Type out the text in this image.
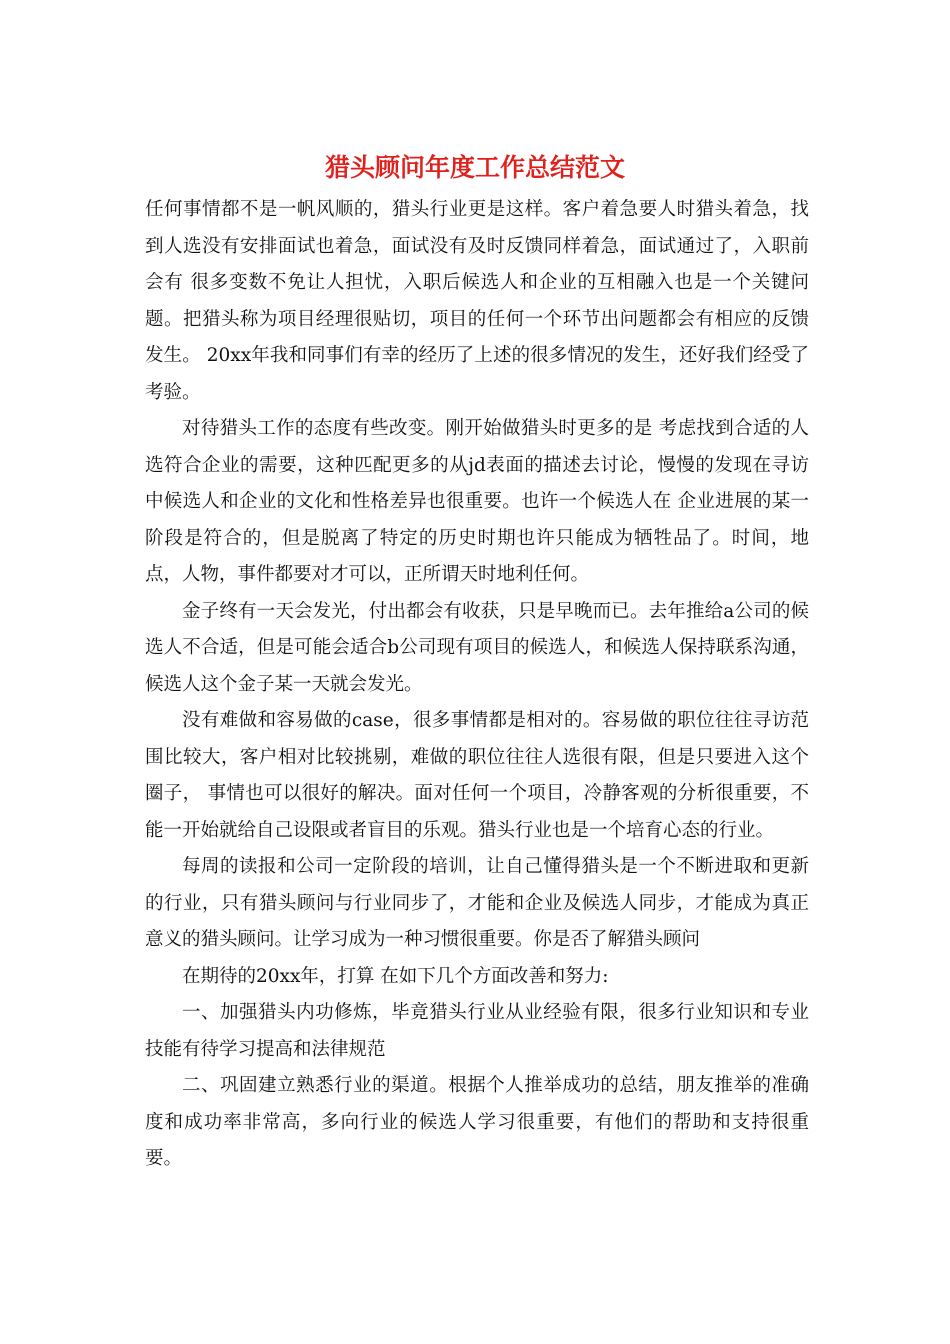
猎头顾问年度工作总结范文

任何事情都不是一帆风顺的，猎头行业更是这样。客户着急要人时猎头着急，找到人选没有安排面试也着急，面试没有及时反馈同样着急，面试通过了，入职前会有 很多变数不免让人担忧，入职后候选人和企业的互相融入也是一个关键问题。把猎头称为项目经理很贴切，项目的任何一个环节出问题都会有相应的反馈发生。 20xx年我和同事们有幸的经历了上述的很多情况的发生，还好我们经受了考验。

对待猎头工作的态度有些改变。刚开始做猎头时更多的是 考虑找到合适的人选符合企业的需要，这种匹配更多的从jd表面的描述去讨论，慢慢的发现在寻访中候选人和企业的文化和性格差异也很重要。也许一个候选人在 企业进展的某一阶段是符合的，但是脱离了特定的历史时期也许只能成为牺牲品了。时间，地点，人物，事件都要对才可以，正所谓天时地利任何。

金子终有一天会发光，付出都会有收获，只是早晚而已。去年推给a公司的候选人不合适，但是可能会适合b公司现有项目的候选人，和候选人保持联系沟通，候选人这个金子某一天就会发光。

没有难做和容易做的case，很多事情都是相对的。容易做的职位往往寻访范围比较大，客户相对比较挑剔，难做的职位往往人选很有限，但是只要进入这个圈子， 事情也可以很好的解决。面对任何一个项目，冷静客观的分析很重要，不能一开始就给自己设限或者盲目的乐观。猎头行业也是一个培育心态的行业。

每周的读报和公司一定阶段的培训，让自己懂得猎头是一个不断进取和更新的行业，只有猎头顾问与行业同步了，才能和企业及候选人同步，才能成为真正意义的猎头顾问。让学习成为一种习惯很重要。你是否了解猎头顾问

在期待的20xx年，打算 在如下几个方面改善和努力:

一、加强猎头内功修炼，毕竟猎头行业从业经验有限，很多行业知识和专业技能有待学习提高和法律规范

二、巩固建立熟悉行业的渠道。根据个人推举成功的总结，朋友推举的准确度和成功率非常高，多向行业的候选人学习很重要，有他们的帮助和支持很重要。
